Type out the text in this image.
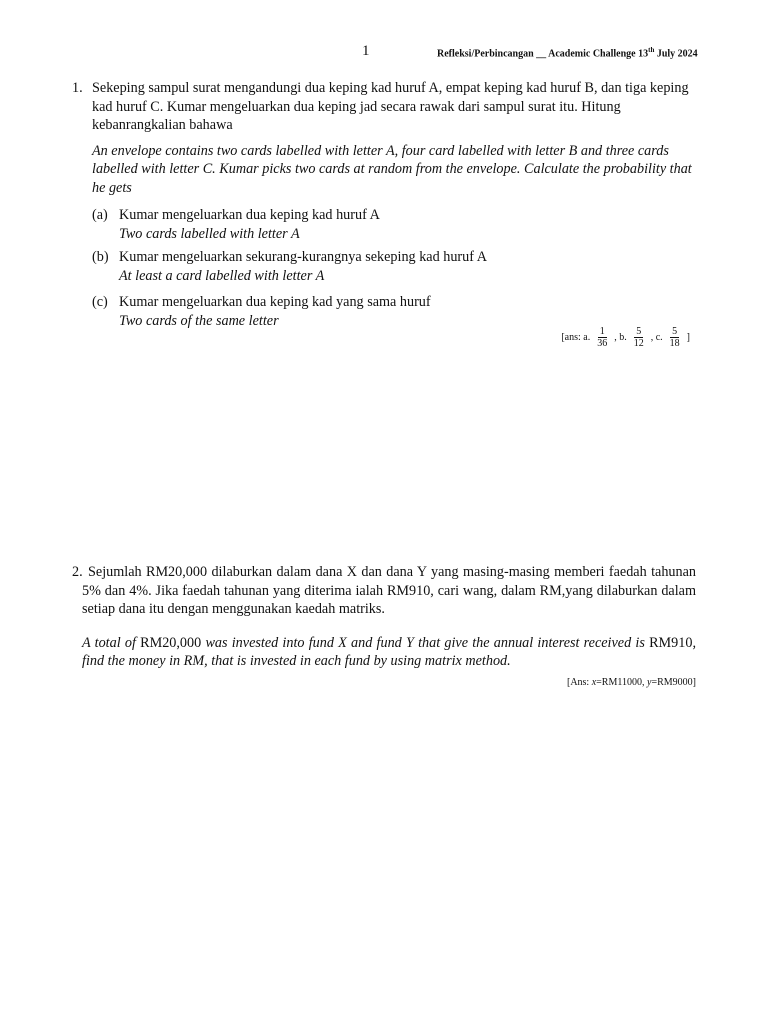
1	Refleksi/Perbincangan __ Academic Challenge 13th July 2024
1. Sekeping sampul surat mengandungi dua keping kad huruf A, empat keping kad huruf B, dan tiga keping kad huruf C. Kumar mengeluarkan dua keping jad secara rawak dari sampul surat itu. Hitung kebanrangkalian bahawa

An envelope contains two cards labelled with letter A, four card labelled with letter B and three cards labelled with letter C. Kumar picks two cards at random from the envelope. Calculate the probability that he gets

(a) Kumar mengeluarkan dua keping kad huruf A

Two cards labelled with letter A

(b) Kumar mengeluarkan sekurang-kurangnya sekeping kad huruf A

At least a card labelled with letter A

(c) Kumar mengeluarkan dua keping kad yang sama huruf

Two cards of the same letter

[ans: a. $\frac{1}{36}$ , b. $\frac{5}{12}$ , c. $\frac{5}{18}$ ]
2. Sejumlah RM20,000 dilaburkan dalam dana X dan dana Y yang masing-masing memberi faedah tahunan 5% dan 4%. Jika faedah tahunan yang diterima ialah RM910, cari wang, dalam RM,yang dilaburkan dalam setiap dana itu dengan menggunakan kaedah matriks.

A total of RM20,000 was invested into fund X and fund Y that give the annual interest received is RM910, find the money in RM, that is invested in each fund by using matrix method.

[Ans: x=RM11000, y=RM9000]
